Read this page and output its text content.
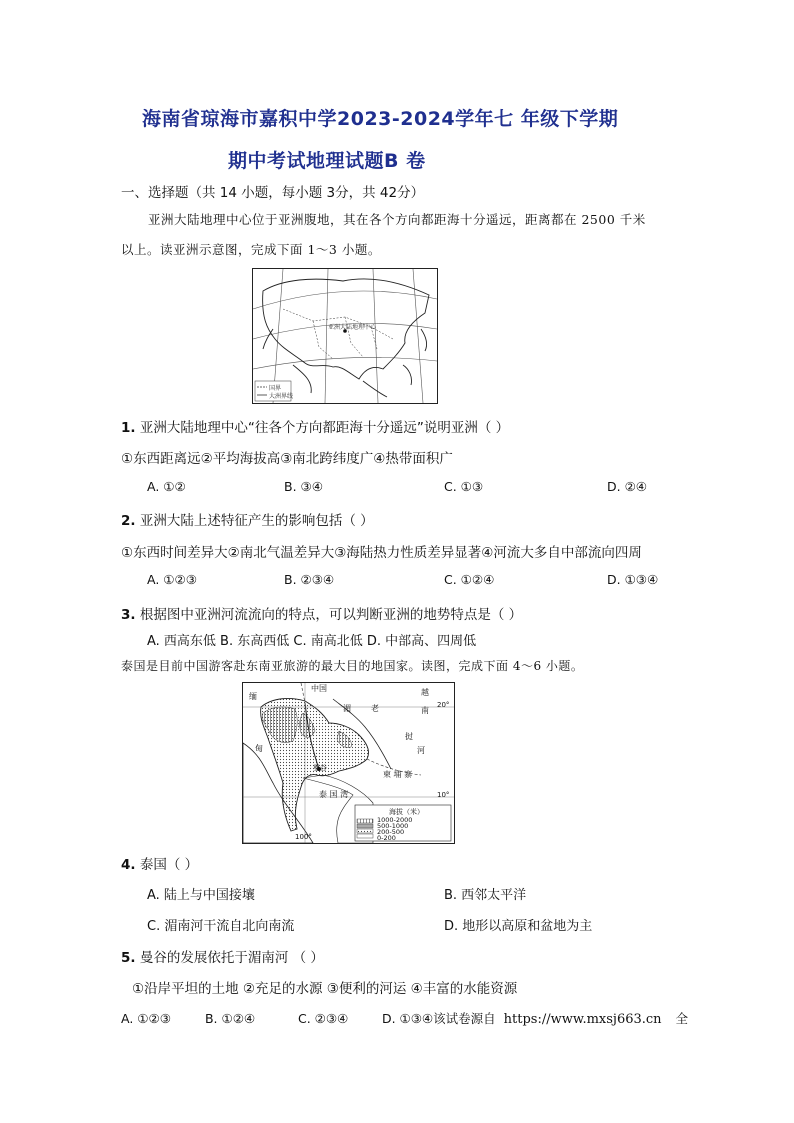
海南省琼海市嘉积中学2023-2024学年七 年级下学期
期中考试地理试题B 卷
一、选择题（共 14 小题，每小题 3分，共 42分）
亚洲大陆地理中心位于亚洲腹地，其在各个方向都距海十分遥远，距离都在 2500 千米
以上。读亚洲示意图，完成下面 1～3 小题。
亚洲大陆地理中心
国界
大洲界线
1. 亚洲大陆地理中心“往各个方向都距海十分遥远”说明亚洲（ ）
①东西距离远②平均海拔高③南北跨纬度广④热带面积广
A. ①②	B. ③④	C. ①③	D. ②④
2. 亚洲大陆上述特征产生的影响包括（ ）
①东西时间差异大②南北气温差异大③海陆热力性质差异显著④河流大多自中部流向四周
A. ①②③	B. ②③④	C. ①②④	D. ①③④
3. 根据图中亚洲河流流向的特点，可以判断亚洲的地势特点是（ ）
A. 西高东低 B. 东高西低 C. 南高北低 D. 中部高、四周低
泰国是目前中国游客赴东南亚旅游的最大目的地国家。读图，完成下面 4～6 小题。
中国
缅
甸
越
南
老
挝
湄
河
曼谷
柬 埔 寨
泰 国 湾
20°
10°
100°
海拔（米）
1000-2000
500-1000
200-500
0-200
4. 泰国（ ）
A. 陆上与中国接壤	B. 西邻太平洋
C. 湄南河干流自北向南流	D. 地形以高原和盆地为主
5. 曼谷的发展依托于湄南河 （ ）
①沿岸平坦的土地 ②充足的水源 ③便利的河运 ④丰富的水能资源
A. ①②③	B. ①②④	C. ②③④	D. ①③④该试卷源自 https://www.mxsj663.cn 全
